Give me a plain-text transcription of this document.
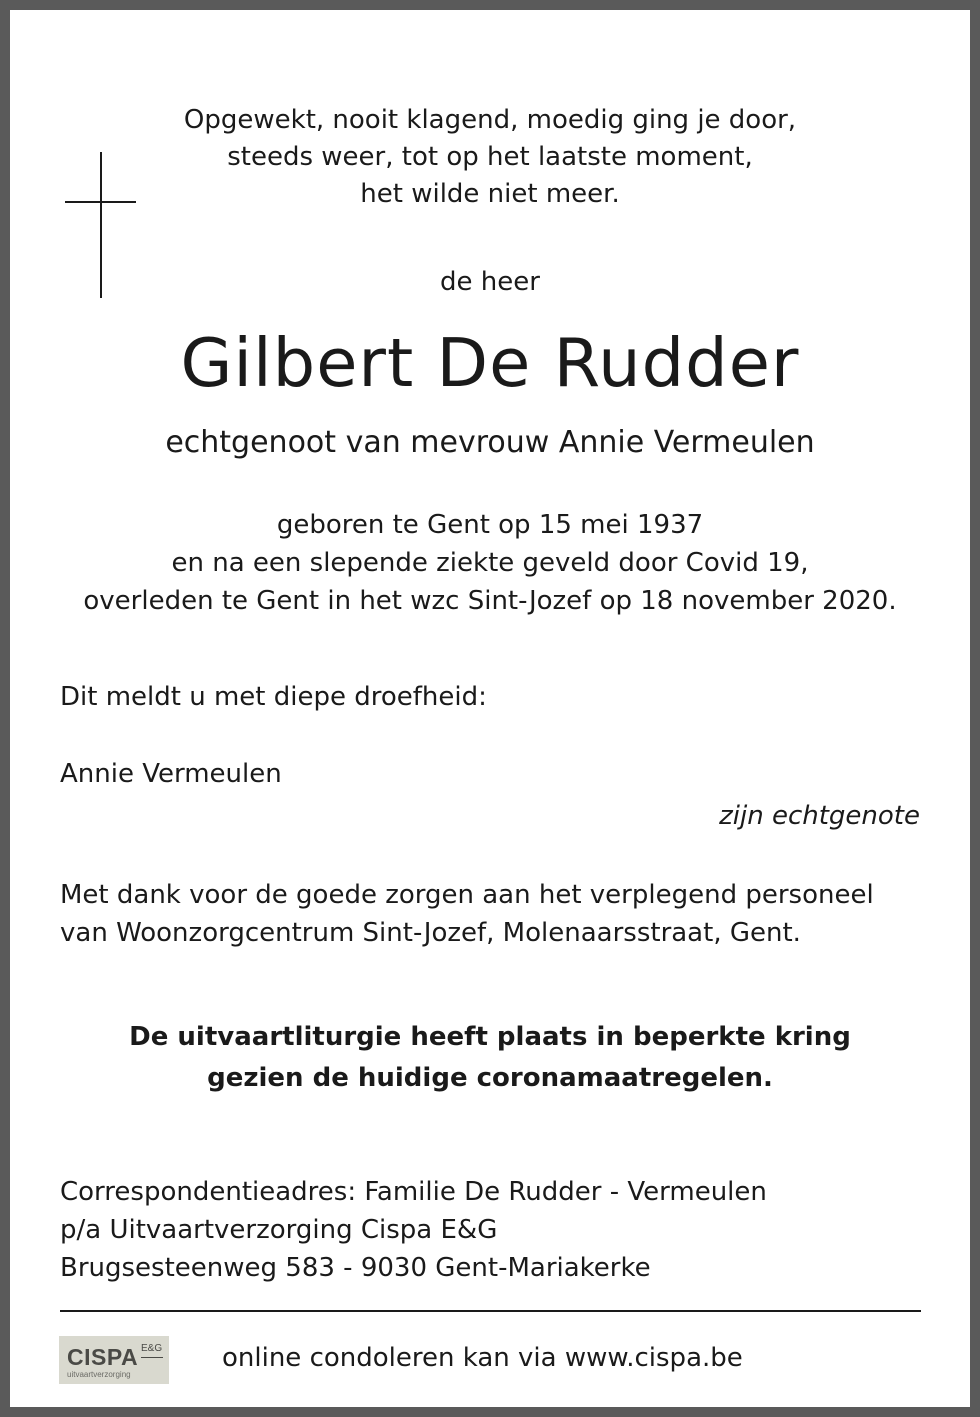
Opgewekt, nooit klagend, moedig ging je door,
steeds weer, tot op het laatste moment,
het wilde niet meer.

de heer

Gilbert De Rudder

echtgenoot van mevrouw Annie Vermeulen

geboren te Gent op 15 mei 1937
en na een slepende ziekte geveld door Covid 19,
overleden te Gent in het wzc Sint-Jozef op 18 november 2020.

Dit meldt u met diepe droefheid:

Annie Vermeulen

zijn echtgenote

Met dank voor de goede zorgen aan het verplegend personeel
van Woonzorgcentrum Sint-Jozef, Molenaarsstraat, Gent.
De uitvaartliturgie heeft plaats in beperkte kring
gezien de huidige coronamaatregelen.
Correspondentieadres: Familie De Rudder - Vermeulen
p/a Uitvaartverzorging Cispa E&G
Brugsesteenweg 583 - 9030 Gent-Mariakerke
CISPA E&G
uitvaartverzorging

online condoleren kan via www.cispa.be
